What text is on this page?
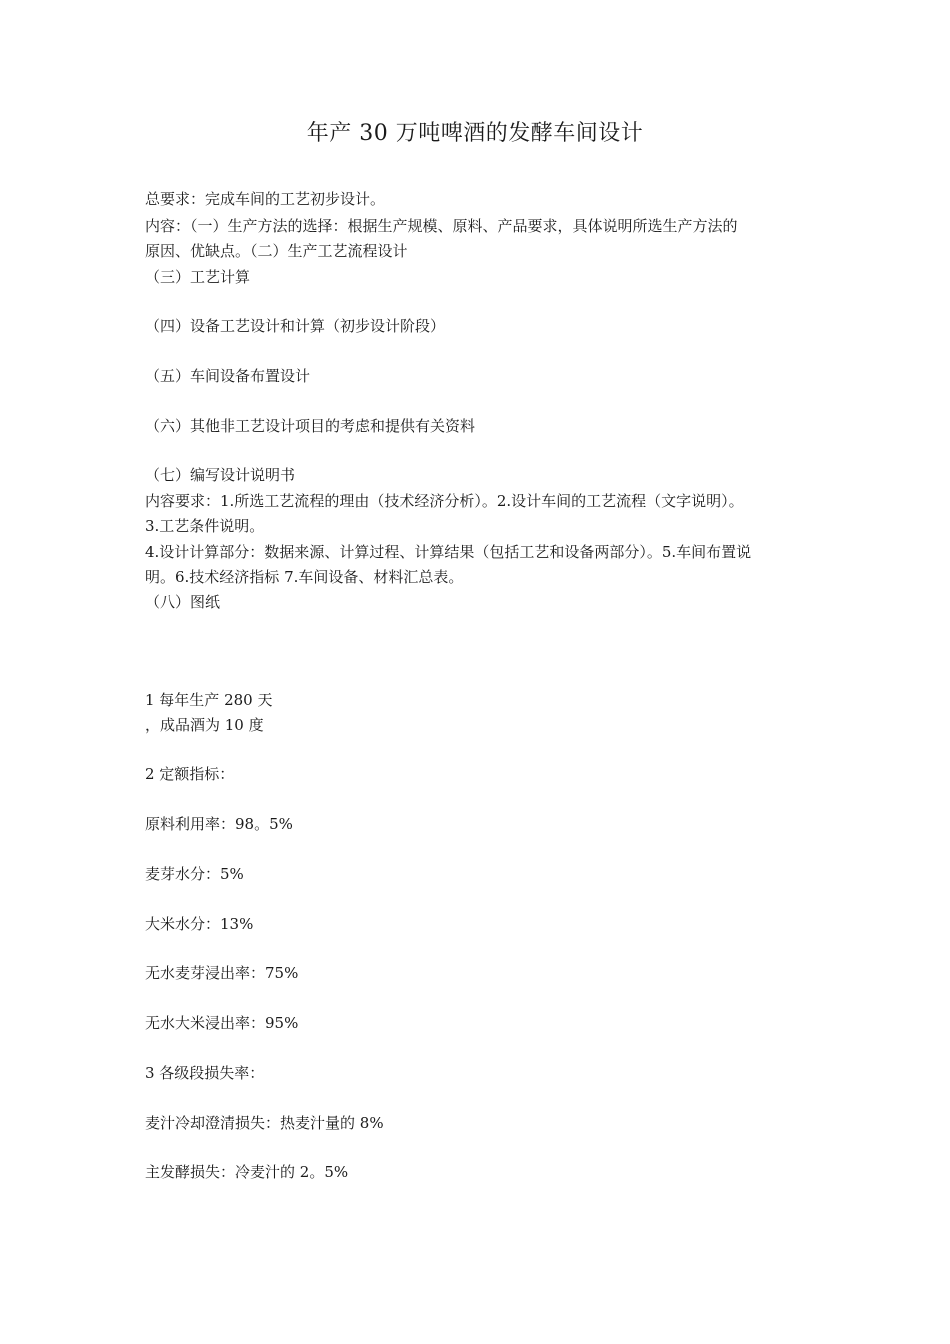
年产 30 万吨啤酒的发酵车间设计
总要求：完成车间的工艺初步设计。
内容：（一）生产方法的选择：根据生产规模、原料、产品要求，具体说明所选生产方法的
原因、优缺点。（二）生产工艺流程设计
（三）工艺计算
（四）设备工艺设计和计算（初步设计阶段）
（五）车间设备布置设计
（六）其他非工艺设计项目的考虑和提供有关资料
（七）编写设计说明书
内容要求：1.所选工艺流程的理由（技术经济分析）。2.设计车间的工艺流程（文字说明）。
3.工艺条件说明。
4.设计计算部分：数据来源、计算过程、计算结果（包括工艺和设备两部分）。5.车间布置说
明。6.技术经济指标 7.车间设备、材料汇总表。
（八）图纸
1 每年生产 280 天
，成品酒为 10 度
2 定额指标：
原料利用率：98。5%
麦芽水分：5%
大米水分：13%
无水麦芽浸出率：75%
无水大米浸出率：95%
3 各级段损失率：
麦汁冷却澄清损失：热麦汁量的 8%
主发酵损失：冷麦汁的 2。5%
